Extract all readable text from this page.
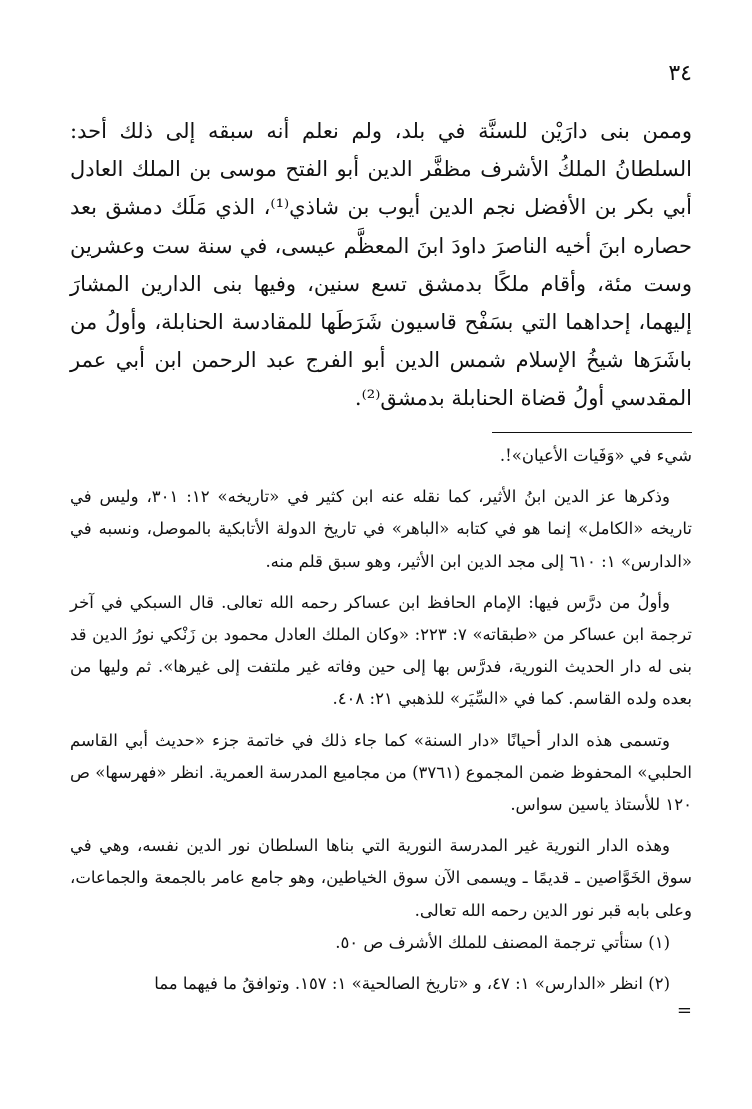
٣٤

وممن بنى دارَيْن للسنَّة في بلد، ولم نعلم أنه سبقه إلى ذلك أحد: السلطانُ الملكُ الأشرف مظفَّر الدين أبو الفتح موسى بن الملك العادل أبي بكر بن الأفضل نجم الدين أيوب بن شاذي⁽¹⁾، الذي مَلَك دمشق بعد حصاره ابنَ أخيه الناصرَ داودَ ابنَ المعظَّم عيسى، في سنة ست وعشرين وست مئة، وأقام ملكًا بدمشق تسع سنين، وفيها بنى الدارين المشارَ إليهما، إحداهما التي بسَفْح قاسيون شَرَطَها للمقادسة الحنابلة، وأولُ من باشَرَها شيخُ الإسلام شمس الدين أبو الفرج عبد الرحمن ابن أبي عمر المقدسي أولُ قضاة الحنابلة بدمشق⁽²⁾.

شيء في «وَفَيات الأعيان»!.

وذكرها عز الدين ابنُ الأثير، كما نقله عنه ابن كثير في «تاريخه» ١٢: ٣٠١، وليس في تاريخه «الكامل» إنما هو في كتابه «الباهر» في تاريخ الدولة الأتابكية بالموصل، ونسبه في «الدارس» ١: ٦١٠ إلى مجد الدين ابن الأثير، وهو سبق قلم منه.

وأولُ من درَّس فيها: الإمام الحافظ ابن عساكر رحمه الله تعالى. قال السبكي في آخر ترجمة ابن عساكر من «طبقاته» ٧: ٢٢٣: «وكان الملك العادل محمود بن زَنْكي نورُ الدين قد بنى له دار الحديث النورية، فدرَّس بها إلى حين وفاته غير ملتفت إلى غيرها». ثم وليها من بعده ولده القاسم. كما في «السِّيَر» للذهبي ٢١: ٤٠٨.

وتسمى هذه الدار أحيانًا «دار السنة» كما جاء ذلك في خاتمة جزء «حديث أبي القاسم الحلبي» المحفوظ ضمن المجموع (٣٧٦١) من مجاميع المدرسة العمرية. انظر «فهرسها» ص ١٢٠ للأستاذ ياسين سواس.

وهذه الدار النورية غير المدرسة النورية التي بناها السلطان نور الدين نفسه، وهي في سوق الخَوَّاصين ـ قديمًا ـ ويسمى الآن سوق الخياطين، وهو جامع عامر بالجمعة والجماعات، وعلى بابه قبر نور الدين رحمه الله تعالى.

(١) ستأتي ترجمة المصنف للملك الأشرف ص ٥٠.

(٢) انظر «الدارس» ١: ٤٧، و «تاريخ الصالحية» ١: ١٥٧. وتوافقُ ما فيهما مما

=
